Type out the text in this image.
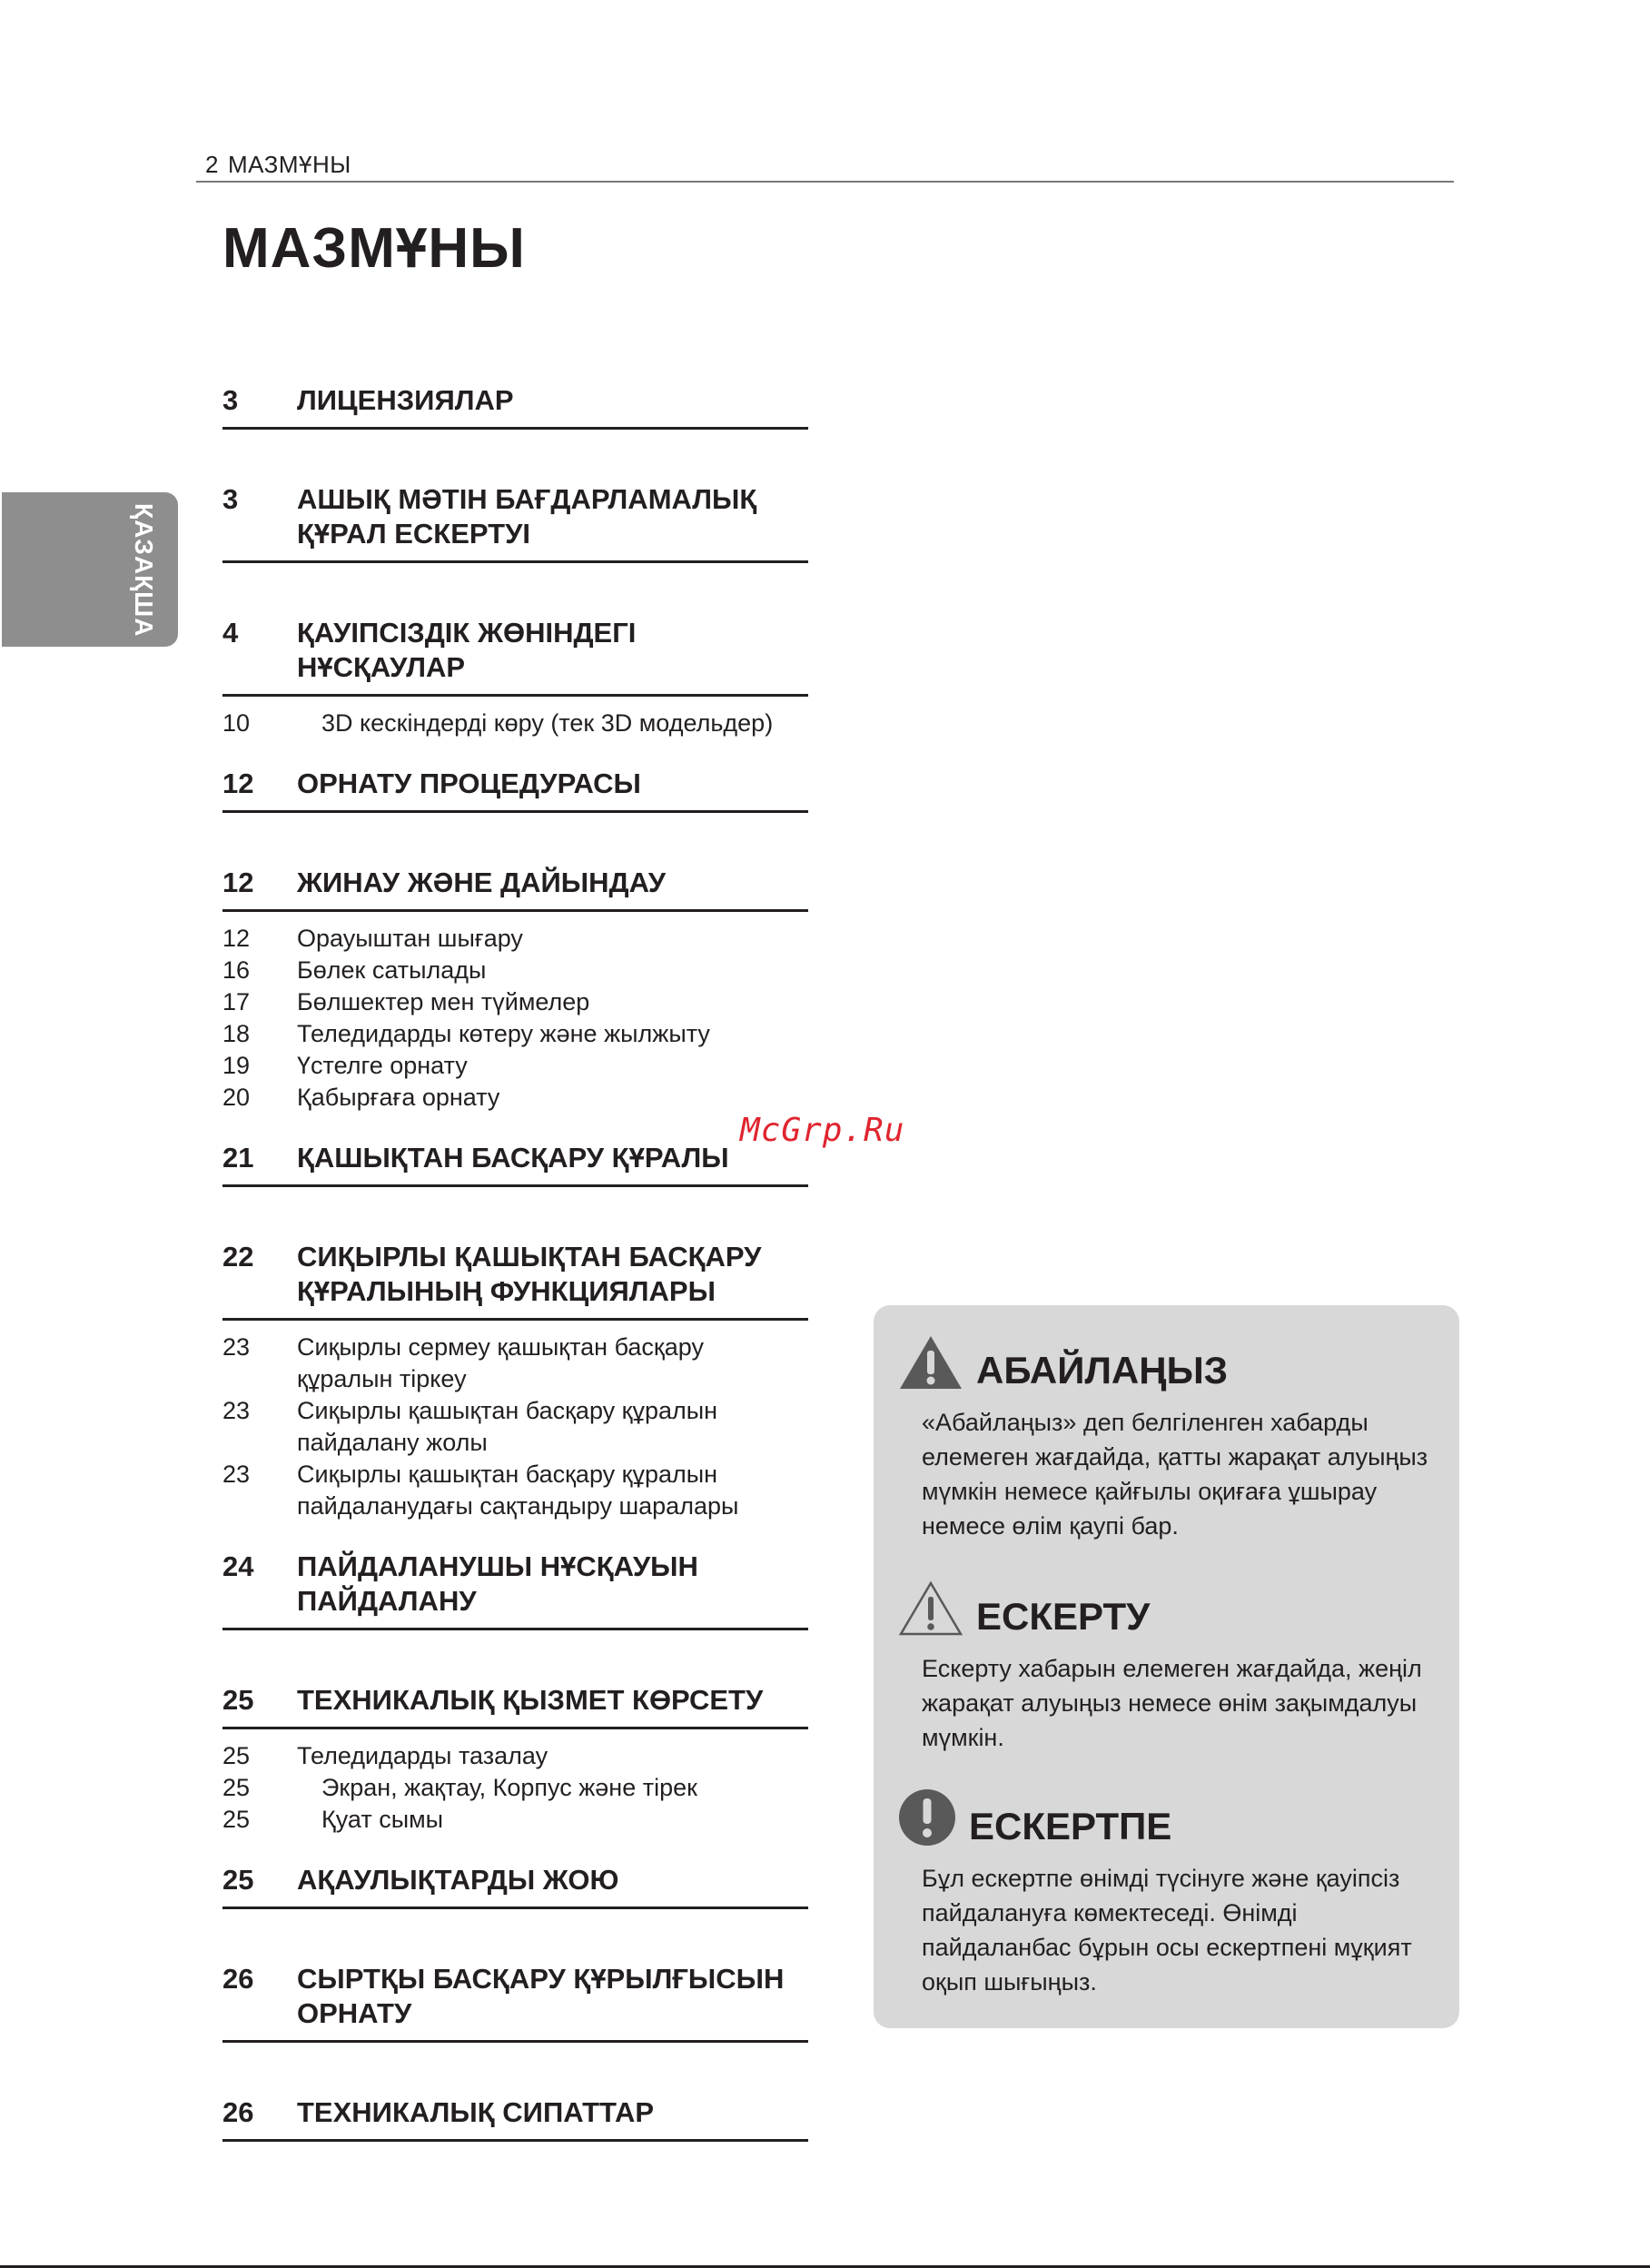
2 МАЗМҰНЫ
МАЗМҰНЫ
ҚАЗАҚША
3	ЛИЦЕНЗИЯЛАР
3	АШЫҚ МӘТІН БАҒДАРЛАМАЛЫҚ
ҚҰРАЛ ЕСКЕРТУІ
4	ҚАУІПСІЗДІК ЖӨНІНДЕГІ
НҰСҚАУЛАР
10	3D кескіндерді көру (тек 3D модельдер)
12	ОРНАТУ ПРОЦЕДУРАСЫ
12	ЖИНАУ ЖӘНЕ ДАЙЫНДАУ
12	Орауыштан шығару
16	Бөлек сатылады
17	Бөлшектер мен түймелер
18	Теледидарды көтеру және жылжыту
19	Үстелге орнату
20	Қабырғаға орнату
21	ҚАШЫҚТАН БАСҚАРУ ҚҰРАЛЫ
22	СИҚЫРЛЫ ҚАШЫҚТАН БАСҚАРУ
ҚҰРАЛЫНЫҢ ФУНКЦИЯЛАРЫ
23	Сиқырлы сермеу қашықтан басқару
құралын тіркеу
23	Сиқырлы қашықтан басқару құралын
пайдалану жолы
23	Сиқырлы қашықтан басқару құралын
пайдаланудағы сақтандыру шаралары
24	ПАЙДАЛАНУШЫ НҰСҚАУЫН
ПАЙДАЛАНУ
25	ТЕХНИКАЛЫҚ ҚЫЗМЕТ КӨРСЕТУ
25	Теледидарды тазалау
25	Экран, жақтау, Корпус және тірек
25	Қуат сымы
25	АҚАУЛЫҚТАРДЫ ЖОЮ
26	СЫРТҚЫ БАСҚАРУ ҚҰРЫЛҒЫСЫН
ОРНАТУ
26	ТЕХНИКАЛЫҚ СИПАТТАР
McGrp.Ru
АБАЙЛАҢЫЗ
«Абайлаңыз» деп белгіленген хабарды елемеген жағдайда, қатты жарақат алуыңыз мүмкін немесе қайғылы оқиғаға ұшырау немесе өлім қаупі бар.
ЕСКЕРТУ
Ескерту хабарын елемеген жағдайда, жеңіл жарақат алуыңыз немесе өнім зақымдалуы мүмкін.
ЕСКЕРТПЕ
Бұл ескертпе өнімді түсінуге және қауіпсіз пайдалануға көмектеседі. Өнімді пайдаланбас бұрын осы ескертпені мұқият оқып шығыңыз.
